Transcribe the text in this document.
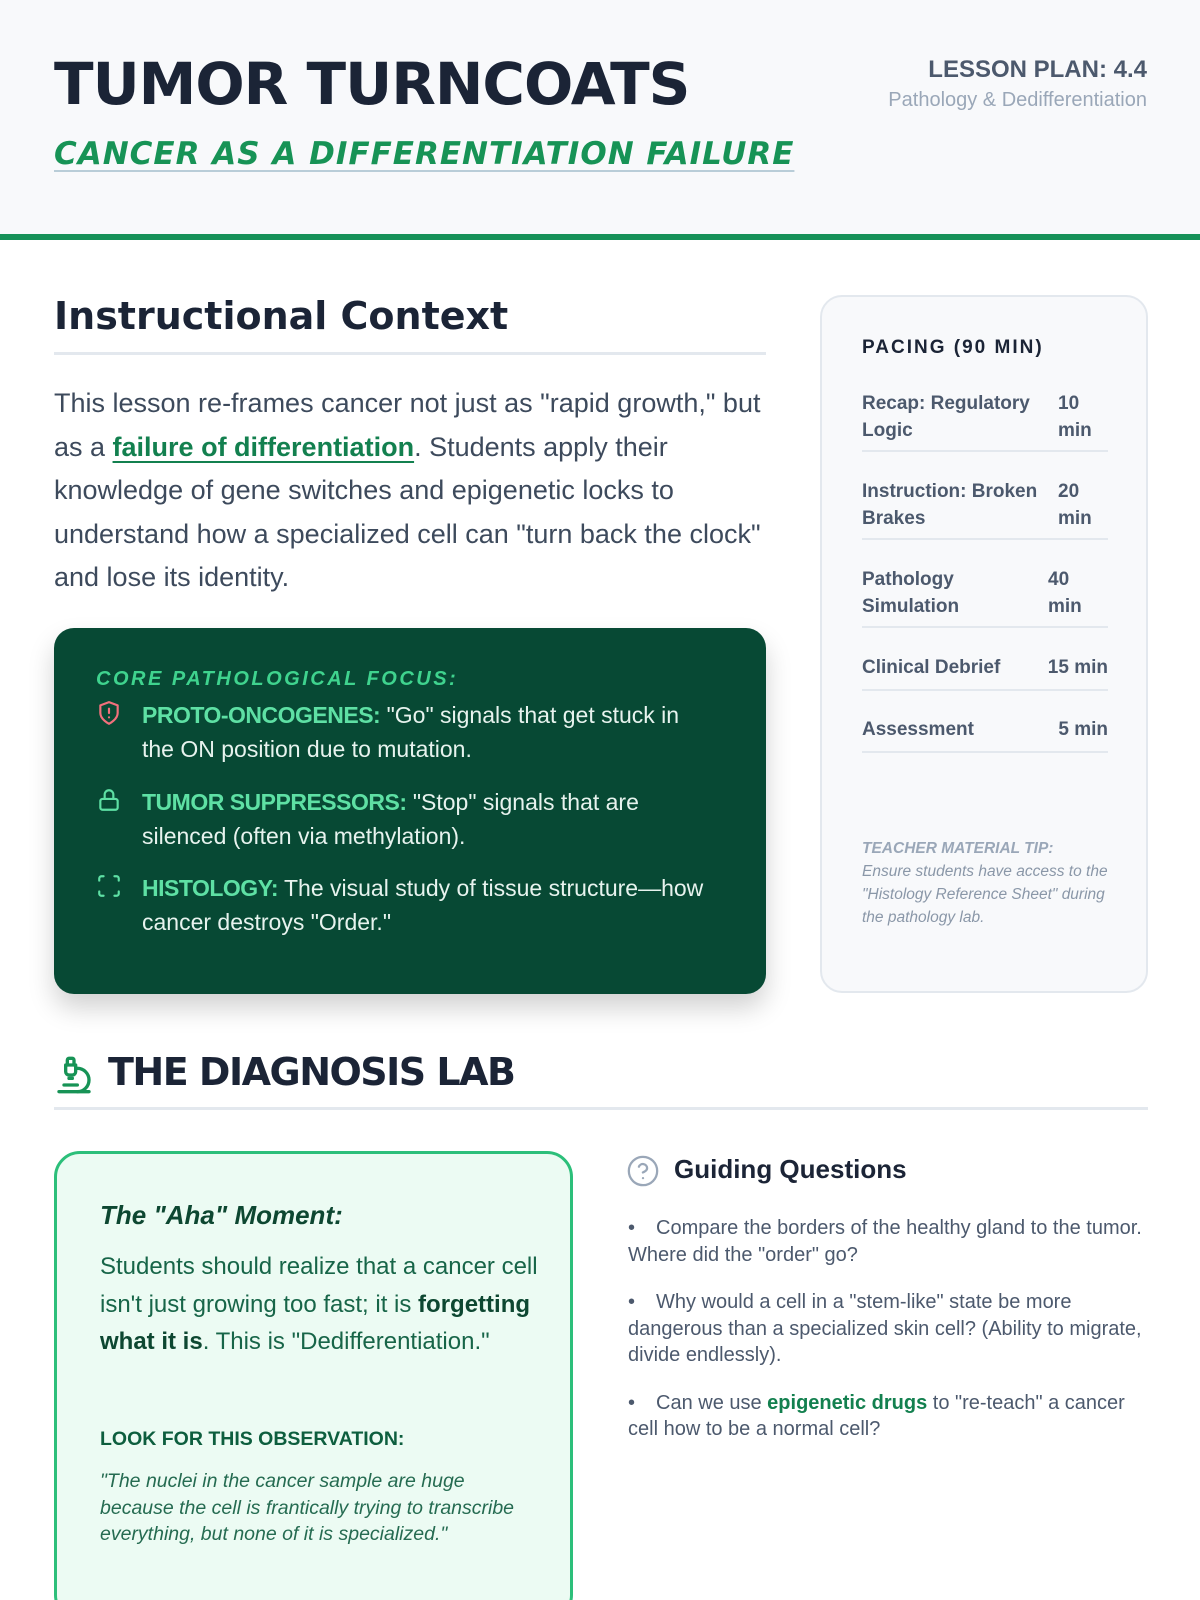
TUMOR TURNCOATS
CANCER AS A DIFFERENTIATION FAILURE
LESSON PLAN: 4.4
Pathology & Dedifferentiation
Instructional Context

This lesson re-frames cancer not just as "rapid growth," but as a failure of differentiation. Students apply their knowledge of gene switches and epigenetic locks to understand how a specialized cell can "turn back the clock" and lose its identity.

CORE PATHOLOGICAL FOCUS:
PROTO-ONCOGENES: "Go" signals that get stuck in the ON position due to mutation.
TUMOR SUPPRESSORS: "Stop" signals that are silenced (often via methylation).
HISTOLOGY: The visual study of tissue structure—how cancer destroys "Order."
PACING (90 MIN)
Recap: Regulatory Logic
10 min
Instruction: Broken Brakes
20 min
Pathology Simulation
40 min
Clinical Debrief 15 min
Assessment	5 min
TEACHER MATERIAL TIP:
Ensure students have access to the "Histology Reference Sheet" during the pathology lab.
THE DIAGNOSIS LAB
The "Aha" Moment:

Students should realize that a cancer cell isn't just growing too fast; it is forgetting what it is. This is "Dedifferentiation."

LOOK FOR THIS OBSERVATION:

"The nuclei in the cancer sample are huge because the cell is frantically trying to transcribe everything, but none of it is specialized."

Guiding Questions
• Compare the borders of the healthy gland to the tumor. Where did the "order" go?
• Why would a cell in a "stem-like" state be more dangerous than a specialized skin cell? (Ability to migrate, divide endlessly).
• Can we use epigenetic drugs to "re-teach" a cancer cell how to be a normal cell?
